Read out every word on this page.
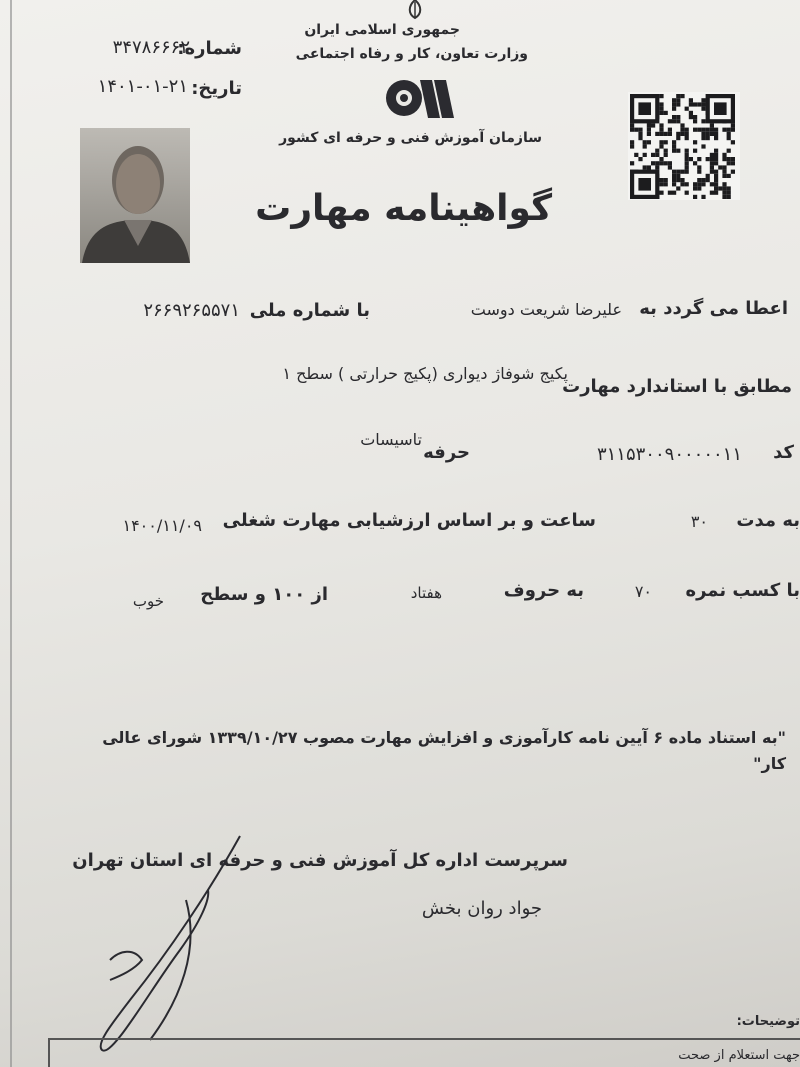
جمهوری اسلامی ایران
وزارت تعاون، کار و رفاه اجتماعی
سازمان آموزش فنی و حرفه ای کشور
شماره:
۳۴۷۸۶۶۶۲
تاریخ:
۱۴۰۱-۰۱-۲۱
گواهینامه مهارت
اعطا می گردد به
علیرضا شریعت دوست
با شماره ملی
۲۶۶۹۲۶۵۵۷۱
پکیج شوفاژ دیواری (پکیج حرارتی ) سطح ۱
مطابق با استاندارد مهارت
کد
۳۱۱۵۳۰۰۹۰۰۰۰۰۱۱
تاسیسات
حرفه
به مدت
۳۰
ساعت و بر اساس ارزشیابی مهارت شغلی
۱۴۰۰/۱۱/۰۹
با کسب نمره
۷۰
به حروف
هفتاد
از ۱۰۰ و سطح
خوب
"به استناد ماده ۶ آیین نامه کارآموزی و افزایش مهارت مصوب ۱۳۳۹/۱۰/۲۷ شورای عالی کار"
سرپرست اداره کل آموزش فنی و حرفه ای استان تهران
جواد روان بخش
توضیحات:
جهت استعلام از صحت
